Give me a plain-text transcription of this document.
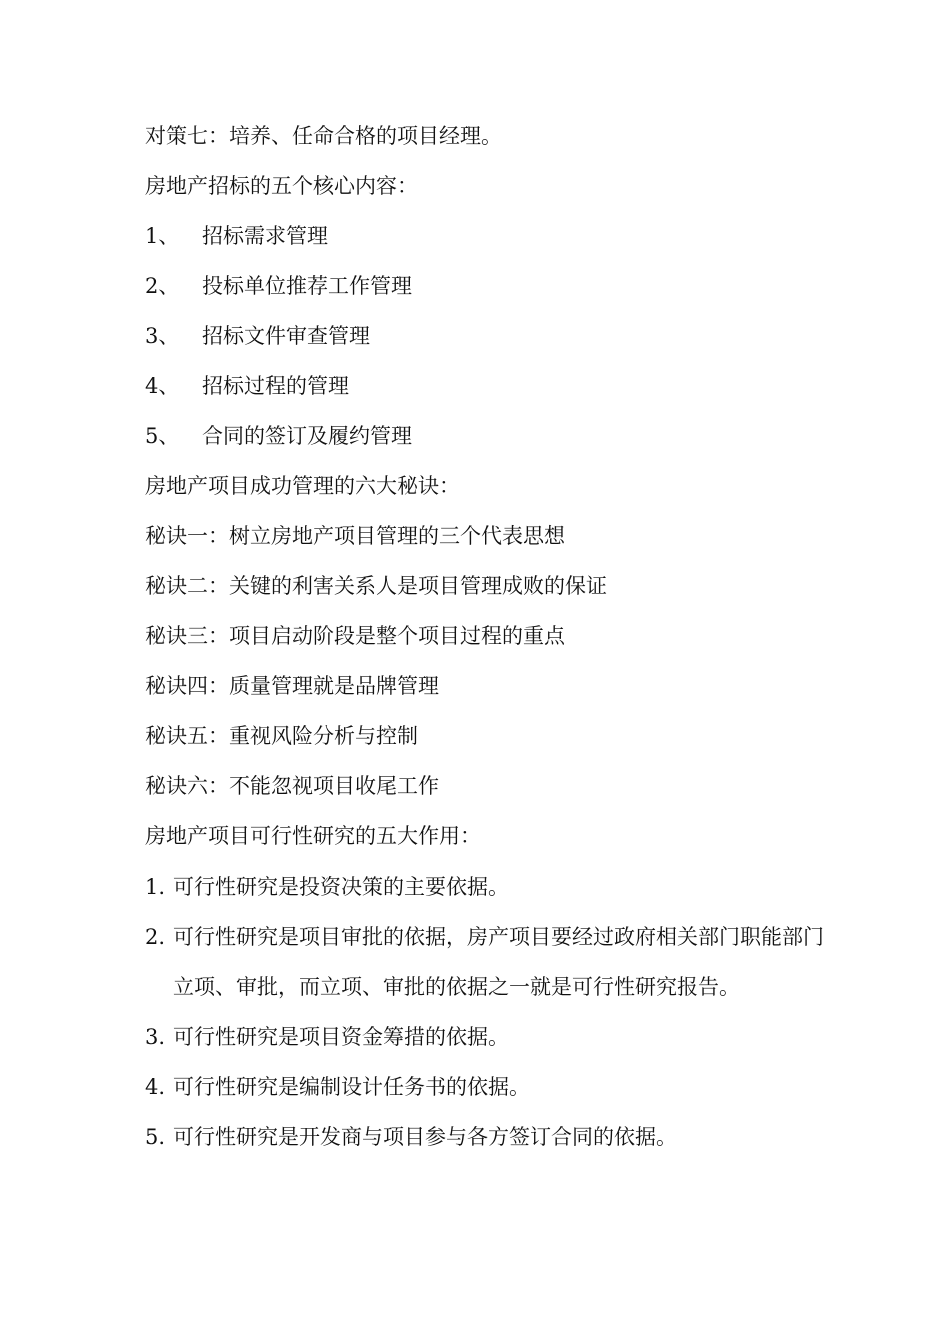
对策七：培养、任命合格的项目经理。
房地产招标的五个核心内容：
1、	招标需求管理
2、	投标单位推荐工作管理
3、	招标文件审查管理
4、	招标过程的管理
5、	合同的签订及履约管理
房地产项目成功管理的六大秘诀：
秘诀一：树立房地产项目管理的三个代表思想
秘诀二：关键的利害关系人是项目管理成败的保证
秘诀三：项目启动阶段是整个项目过程的重点
秘诀四：质量管理就是品牌管理
秘诀五：重视风险分析与控制
秘诀六：不能忽视项目收尾工作
房地产项目可行性研究的五大作用：
1. 可行性研究是投资决策的主要依据。
2. 可行性研究是项目审批的依据，房产项目要经过政府相关部门职能部门立项、审批，而立项、审批的依据之一就是可行性研究报告。
3. 可行性研究是项目资金筹措的依据。
4. 可行性研究是编制设计任务书的依据。
5. 可行性研究是开发商与项目参与各方签订合同的依据。
